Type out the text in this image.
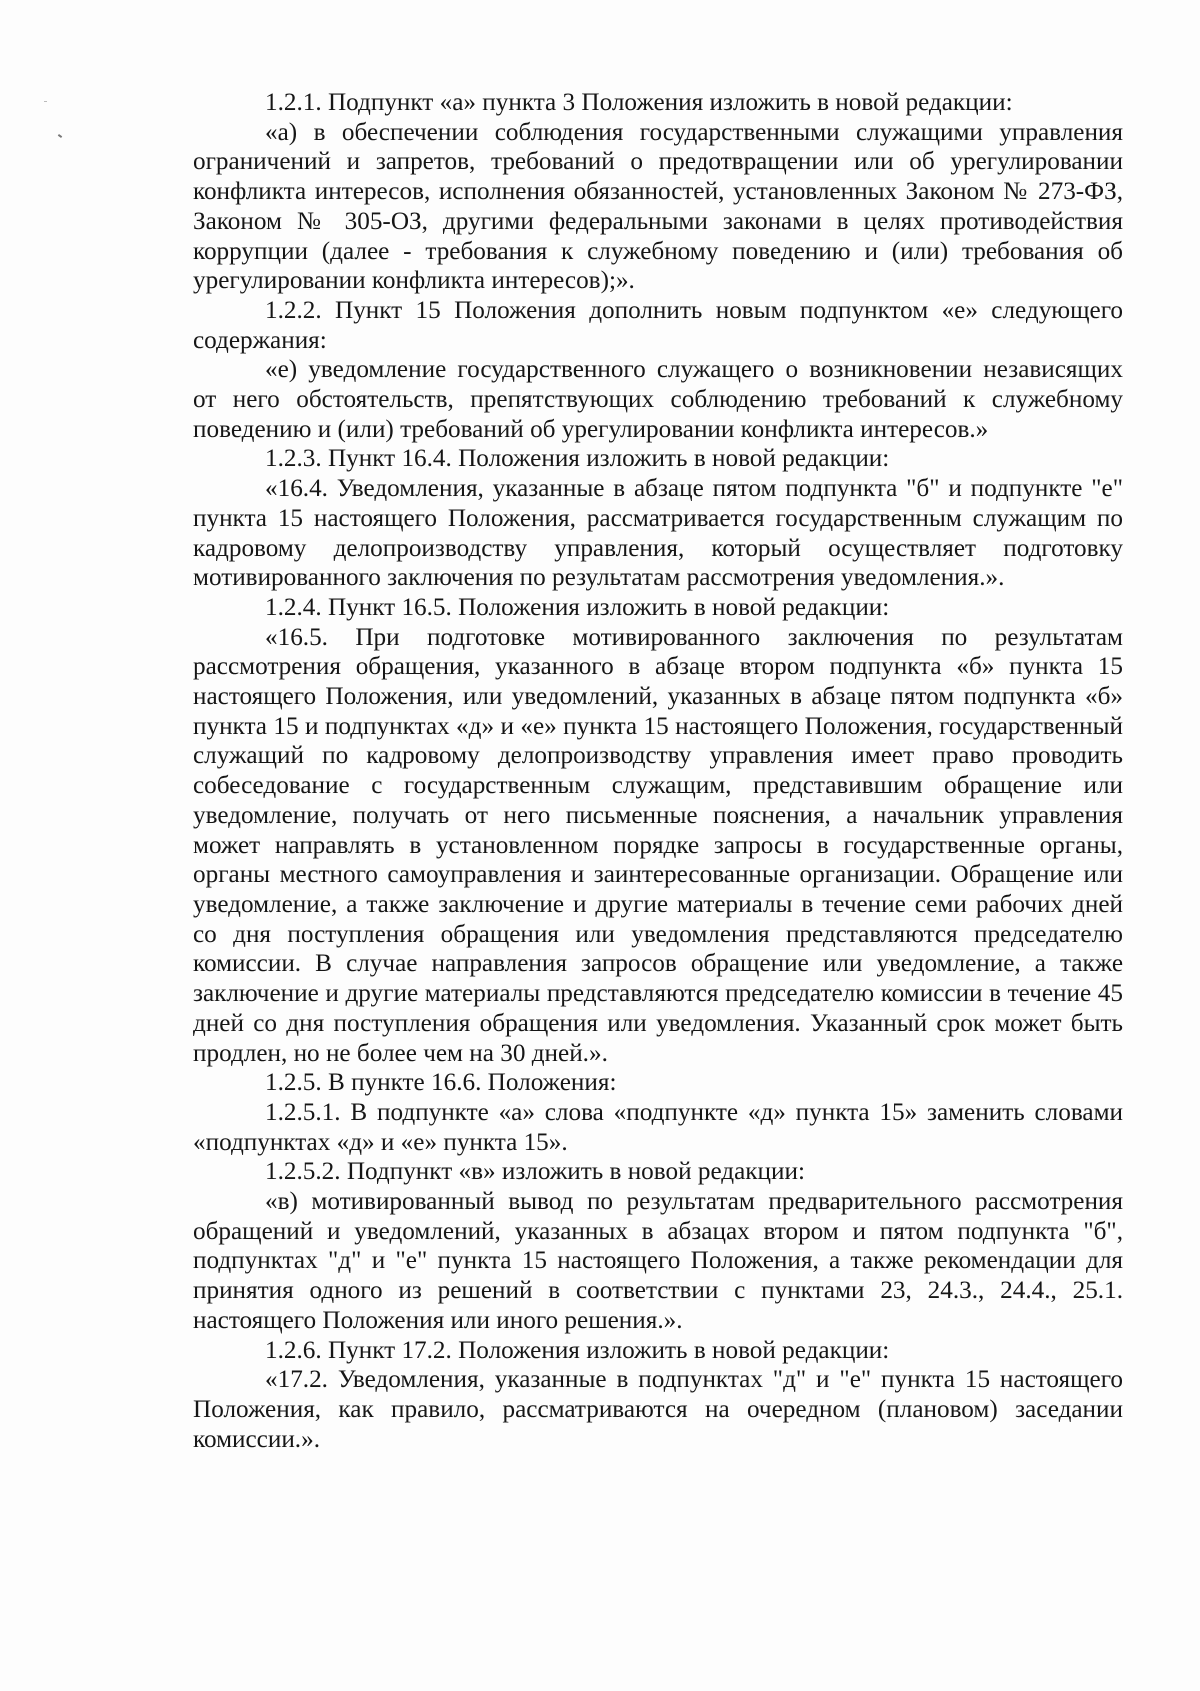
1.2.1. Подпункт «а» пункта 3 Положения изложить в новой редакции:

«а) в обеспечении соблюдения государственными служащими управления ограничений и запретов, требований о предотвращении или об урегулировании конфликта интересов, исполнения обязанностей, установленных Законом № 273-ФЗ, Законом № 305-ОЗ, другими федеральными законами в целях противодействия коррупции (далее - требования к служебному поведению и (или) требования об урегулировании конфликта интересов);».

1.2.2. Пункт 15 Положения дополнить новым подпунктом «е» следующего содержания:

«е) уведомление государственного служащего о возникновении независящих от него обстоятельств, препятствующих соблюдению требований к служебному поведению и (или) требований об урегулировании конфликта интересов.»

1.2.3. Пункт 16.4. Положения изложить в новой редакции:

«16.4. Уведомления, указанные в абзаце пятом подпункта "б" и подпункте "е" пункта 15 настоящего Положения, рассматривается государственным служащим по кадровому делопроизводству управления, который осуществляет подготовку мотивированного заключения по результатам рассмотрения уведомления.».

1.2.4. Пункт 16.5. Положения изложить в новой редакции:

«16.5. При подготовке мотивированного заключения по результатам рассмотрения обращения, указанного в абзаце втором подпункта «б» пункта 15 настоящего Положения, или уведомлений, указанных в абзаце пятом подпункта «б» пункта 15 и подпунктах «д» и «е» пункта 15 настоящего Положения, государственный служащий по кадровому делопроизводству управления имеет право проводить собеседование с государственным служащим, представившим обращение или уведомление, получать от него письменные пояснения, а начальник управления может направлять в установленном порядке запросы в государственные органы, органы местного самоуправления и заинтересованные организации. Обращение или уведомление, а также заключение и другие материалы в течение семи рабочих дней со дня поступления обращения или уведомления представляются председателю комиссии. В случае направления запросов обращение или уведомление, а также заключение и другие материалы представляются председателю комиссии в течение 45 дней со дня поступления обращения или уведомления. Указанный срок может быть продлен, но не более чем на 30 дней.».

1.2.5. В пункте 16.6. Положения:

1.2.5.1. В подпункте «а» слова «подпункте «д» пункта 15» заменить словами «подпунктах «д» и «е» пункта 15».

1.2.5.2. Подпункт «в» изложить в новой редакции:

«в) мотивированный вывод по результатам предварительного рассмотрения обращений и уведомлений, указанных в абзацах втором и пятом подпункта "б", подпунктах "д" и "е" пункта 15 настоящего Положения, а также рекомендации для принятия одного из решений в соответствии с пунктами 23, 24.3., 24.4., 25.1. настоящего Положения или иного решения.».

1.2.6. Пункт 17.2. Положения изложить в новой редакции:

«17.2. Уведомления, указанные в подпунктах "д" и "е" пункта 15 настоящего Положения, как правило, рассматриваются на очередном (плановом) заседании комиссии.».
